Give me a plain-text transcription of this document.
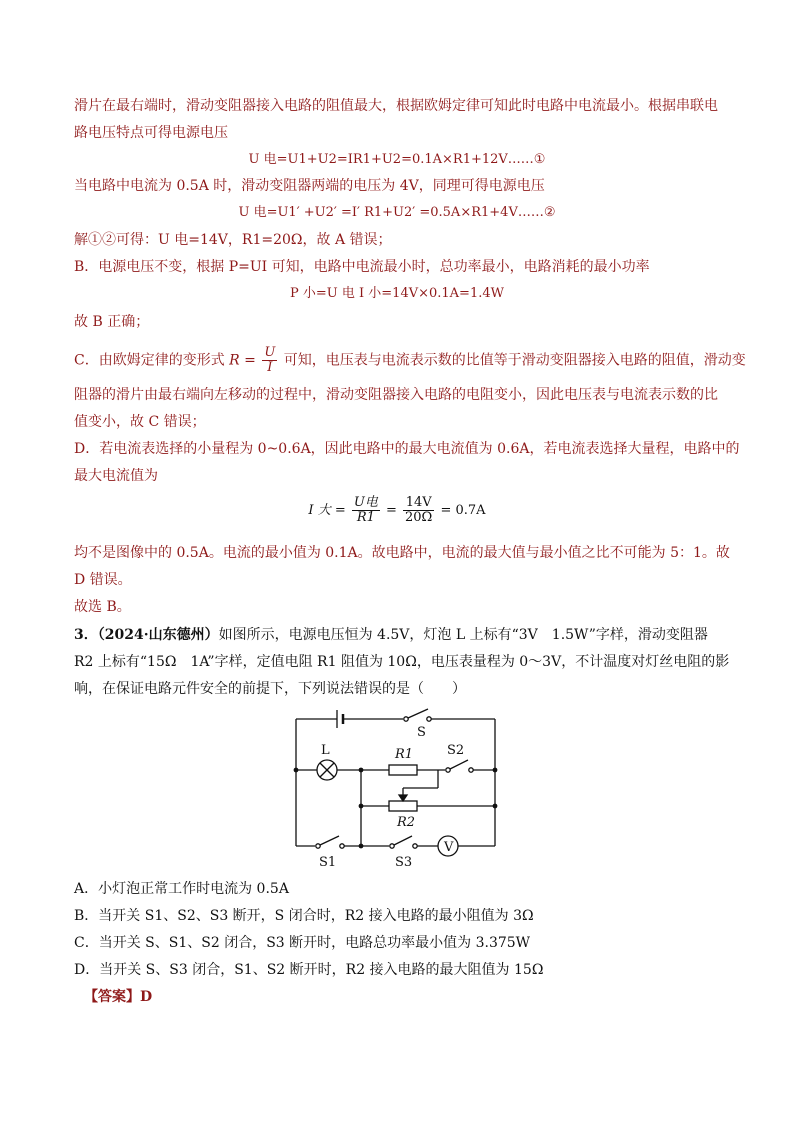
滑片在最右端时，滑动变阻器接入电路的阻值最大，根据欧姆定律可知此时电路中电流最小。根据串联电
路电压特点可得电源电压
U 电=U1+U2=IR1+U2=0.1A×R1+12V……①
当电路中电流为 0.5A 时，滑动变阻器两端的电压为 4V，同理可得电源电压
U 电=U1′ +U2′ =I′ R1+U2′ =0.5A×R1+4V……②
解①②可得：U 电=14V，R1=20Ω，故 A 错误；
B．电源电压不变，根据 P=UI 可知，电路中电流最小时，总功率最小，电路消耗的最小功率
P 小=U 电 I 小=14V×0.1A=1.4W
故 B 正确；
C．由欧姆定律的变形式 $R = \frac{U}{I}$ 可知，电压表与电流表示数的比值等于滑动变阻器接入电路的阻值，滑动变
阻器的滑片由最右端向左移动的过程中，滑动变阻器接入电路的电阻变小，因此电压表与电流表示数的比
值变小，故 C 错误；
D．若电流表选择的小量程为 0~0.6A，因此电路中的最大电流值为 0.6A，若电流表选择大量程，电路中的
最大电流值为
I 大 = $\frac{\text{U电}}{R1} = \frac{14V}{20\Omega} = 0.7A$
均不是图像中的 0.5A。电流的最小值为 0.1A。故电路中，电流的最大值与最小值之比不可能为 5：1。故
D 错误。
故选 B。
3．（2024·山东德州）如图所示，电源电压恒为 4.5V，灯泡 L 上标有“3V　1.5W”字样，滑动变阻器
R2 上标有“15Ω　1A”字样，定值电阻 R1 阻值为 10Ω，电压表量程为 0～3V，不计温度对灯丝电阻的影
响，在保证电路元件安全的前提下，下列说法错误的是（　　）
S
L	R1	S2
R2
V
S1	S3
A．小灯泡正常工作时电流为 0.5A
B．当开关 S1、S2、S3 断开，S 闭合时，R2 接入电路的最小阻值为 3Ω
C．当开关 S、S1、S2 闭合，S3 断开时，电路总功率最小值为 3.375W
D．当开关 S、S3 闭合，S1、S2 断开时，R2 接入电路的最大阻值为 15Ω
【答案】D
